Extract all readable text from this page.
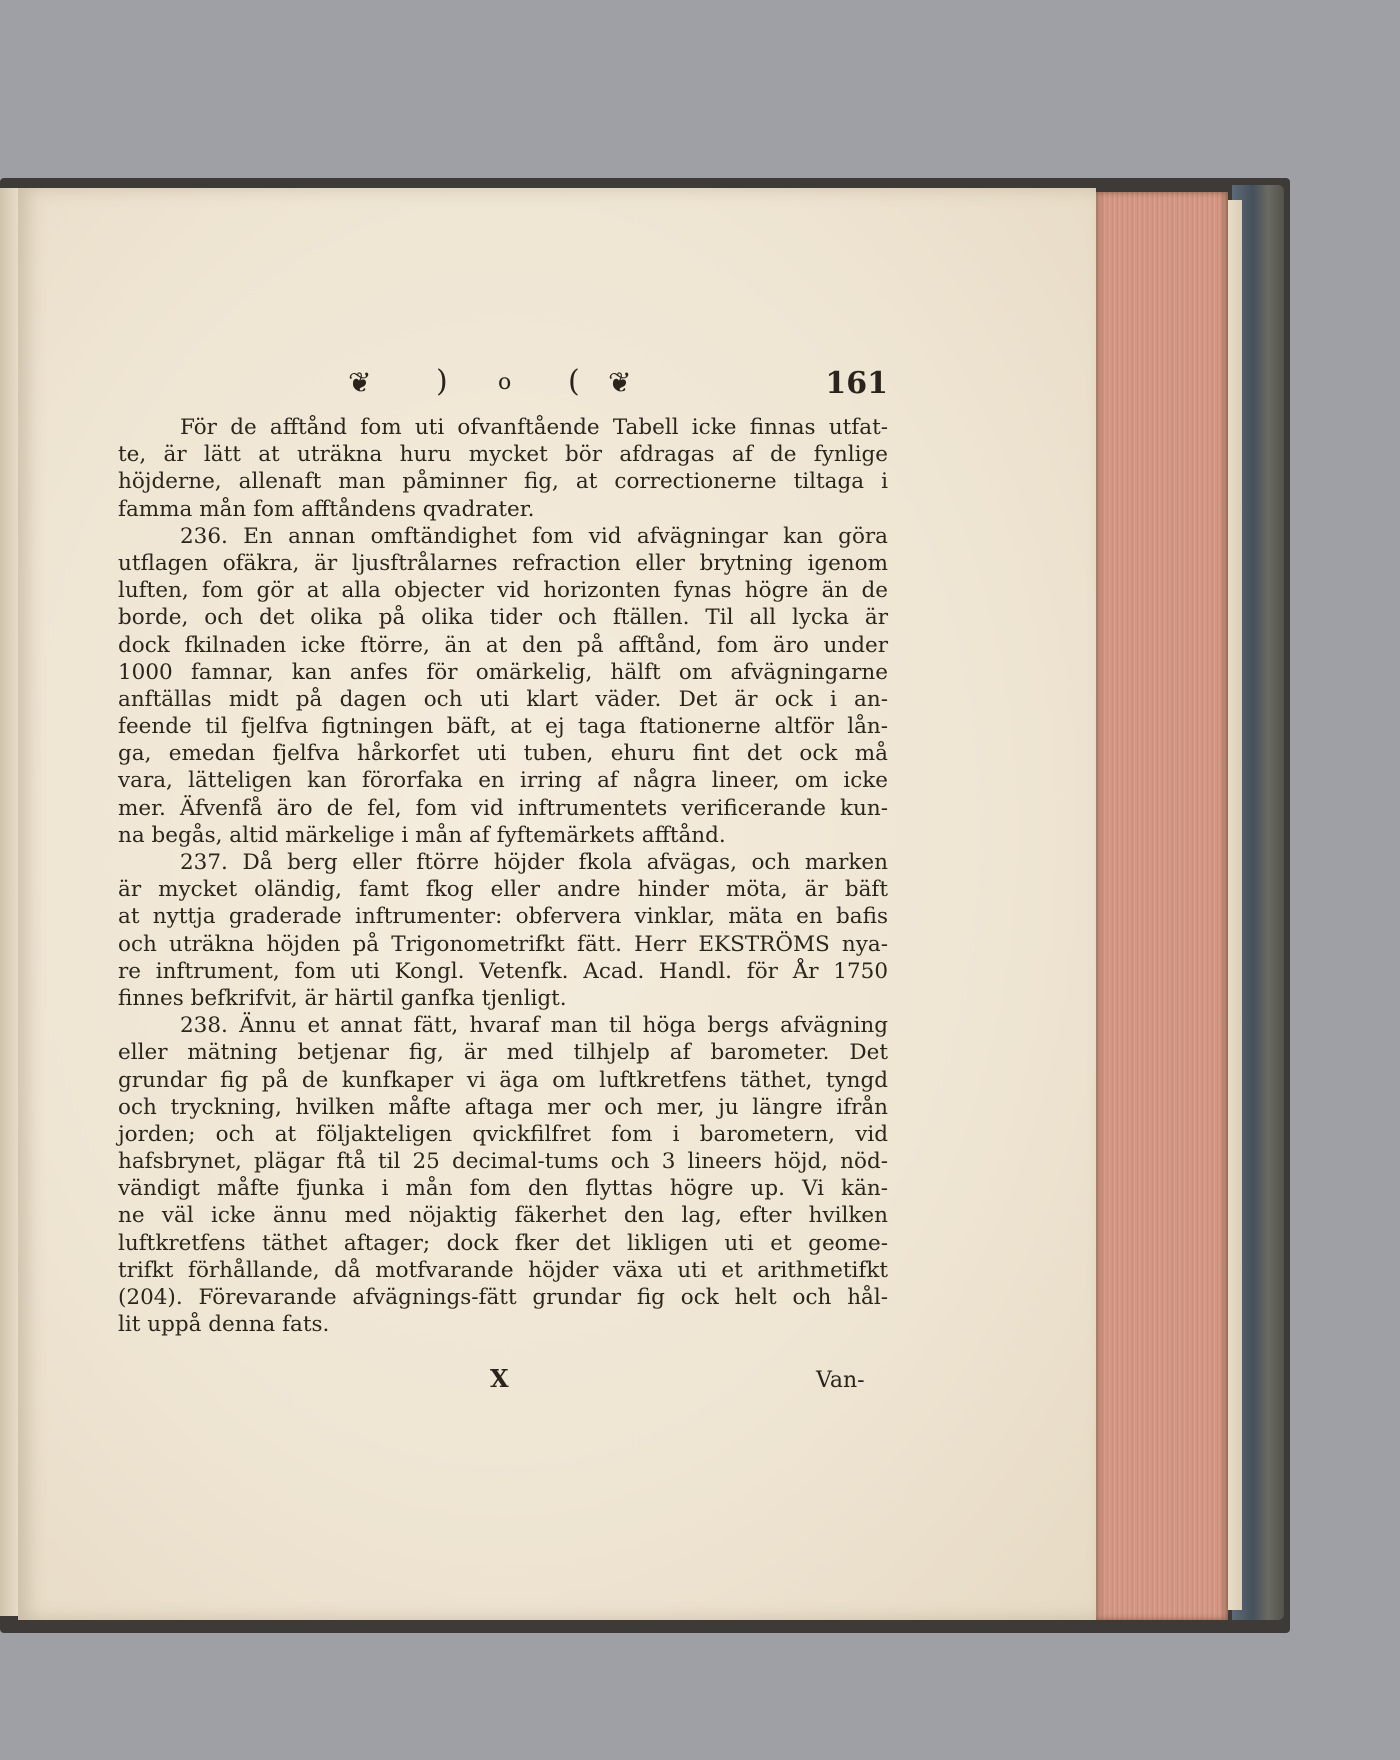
❦ ) o ( ❦	161
För de afftånd fom uti ofvanftående Tabell icke finnas utfat-
te, är lätt at uträkna huru mycket bör afdragas af de fynlige
höjderne, allenaft man påminner fig, at correctionerne tiltaga i
famma mån fom afftåndens qvadrater.
236. En annan omftändighet fom vid afvägningar kan göra
utflagen ofäkra, är ljusftrålarnes refraction eller brytning igenom
luften, fom gör at alla objecter vid horizonten fynas högre än de
borde, och det olika på olika tider och ftällen. Til all lycka är
dock fkilnaden icke ftörre, än at den på afftånd, fom äro under
1000 famnar, kan anfes för omärkelig, hälft om afvägningarne
anftällas midt på dagen och uti klart väder. Det är ock i an-
feende til fjelfva figtningen bäft, at ej taga ftationerne altför lån-
ga, emedan fjelfva hårkorfet uti tuben, ehuru fint det ock må
vara, lätteligen kan förorfaka en irring af några lineer, om icke
mer. Äfvenfå äro de fel, fom vid inftrumentets verificerande kun-
na begås, altid märkelige i mån af fyftemärkets afftånd.
237. Då berg eller ftörre höjder fkola afvägas, och marken
är mycket oländig, famt fkog eller andre hinder möta, är bäft
at nyttja graderade inftrumenter: obfervera vinklar, mäta en bafis
och uträkna höjden på Trigonometrifkt fätt. Herr EKSTRÖMS nya-
re inftrument, fom uti Kongl. Vetenfk. Acad. Handl. för År 1750
finnes befkrifvit, är härtil ganfka tjenligt.
238. Ännu et annat fätt, hvaraf man til höga bergs afvägning
eller mätning betjenar fig, är med tilhjelp af barometer. Det
grundar fig på de kunfkaper vi äga om luftkretfens täthet, tyngd
och tryckning, hvilken måfte aftaga mer och mer, ju längre ifrån
jorden; och at följakteligen qvickfilfret fom i barometern, vid
hafsbrynet, plägar ftå til 25 decimal-tums och 3 lineers höjd, nöd-
vändigt måfte fjunka i mån fom den flyttas högre up. Vi kän-
ne väl icke ännu med nöjaktig fäkerhet den lag, efter hvilken
luftkretfens täthet aftager; dock fker det likligen uti et geome-
trifkt förhållande, då motfvarande höjder växa uti et arithmetifkt
(204). Förevarande afvägnings-fätt grundar fig ock helt och hål-
lit uppå denna fats.
X	Van-
